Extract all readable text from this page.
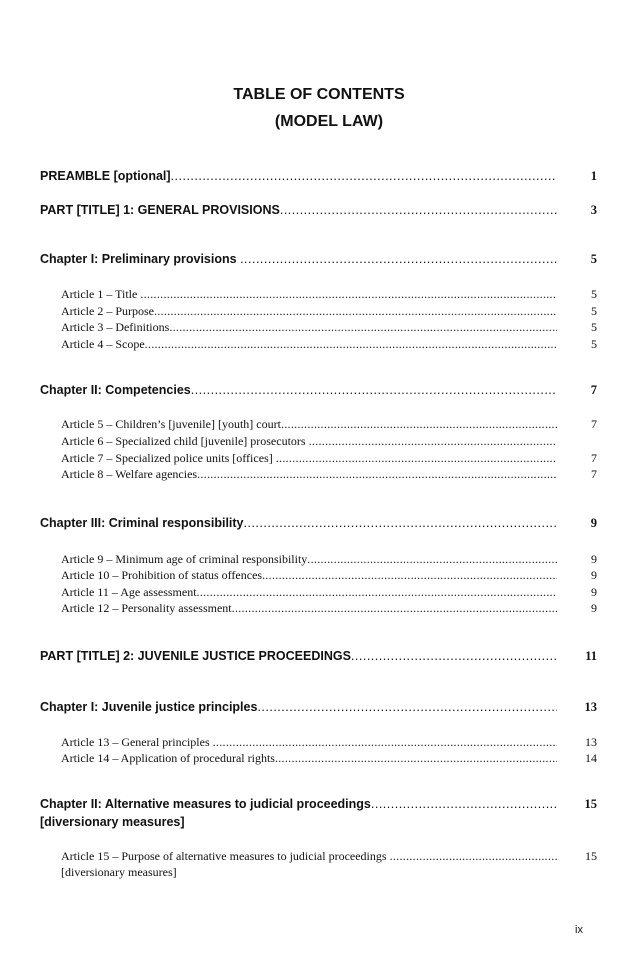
TABLE OF CONTENTS
(MODEL LAW)
PREAMBLE [optional] .....	1
PART [TITLE] 1: GENERAL PROVISIONS .....	3
Chapter I: Preliminary provisions .....	5
Article 1 – Title .....	5
Article 2 – Purpose .....	5
Article 3 – Definitions .....	5
Article 4 – Scope .....	5
Chapter II: Competencies .....	7
Article 5 – Children’s [juvenile] [youth] court .....	7
Article 6 – Specialized child [juvenile] prosecutors .....
Article 7 – Specialized police units [offices] .....	7
Article 8 – Welfare agencies .....	7
Chapter III: Criminal responsibility .....	9
Article 9 – Minimum age of criminal responsibility .....	9
Article 10 – Prohibition of status offences .....	9
Article 11 – Age assessment .....	9
Article 12 – Personality assessment .....	9
PART [TITLE] 2: JUVENILE JUSTICE PROCEEDINGS .....	11
Chapter I: Juvenile justice principles .....	13
Article 13 – General principles .....	13
Article 14 – Application of procedural rights .....	14
Chapter II: Alternative measures to judicial proceedings .....	15
[diversionary measures]
Article 15 – Purpose of alternative measures to judicial proceedings .....	15
[diversionary measures]
ix
